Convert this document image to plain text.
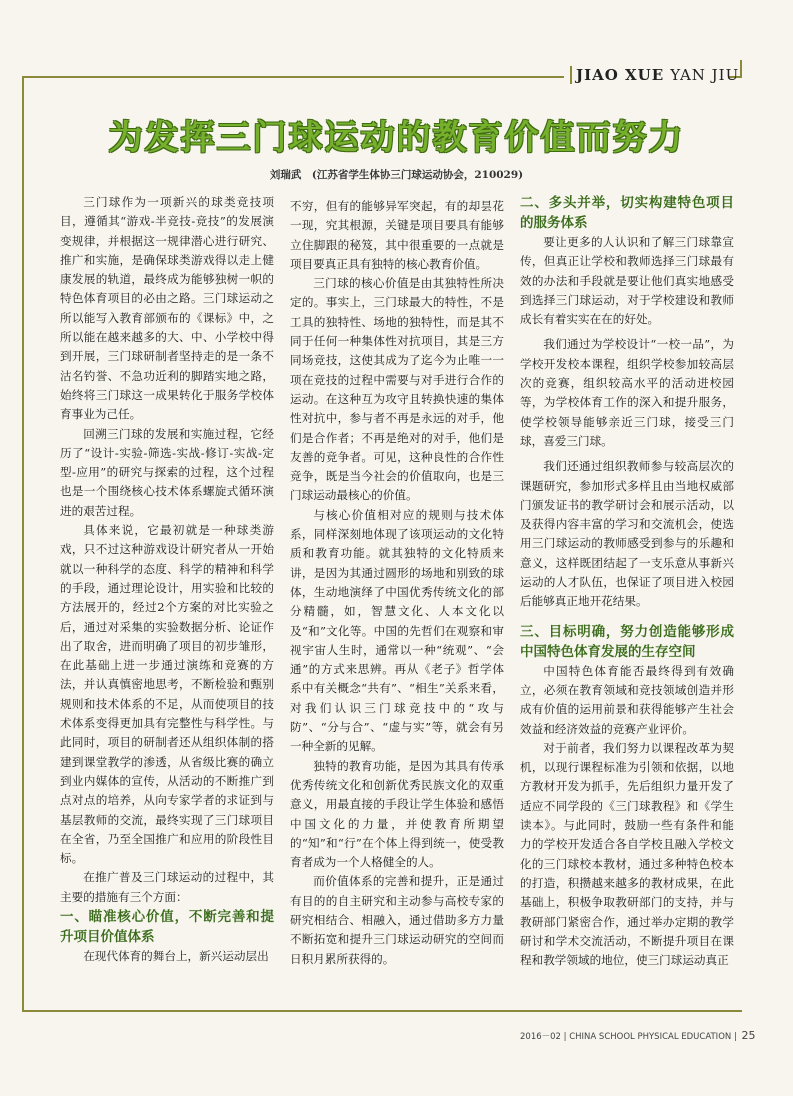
JIAO XUE YAN JIU
为发挥三门球运动的教育价值而努力
刘瑞武　(江苏省学生体协三门球运动协会，210029)

三门球作为一项新兴的球类竞技项目，遵循其“游戏-半竞技-竞技”的发展演变规律，并根据这一规律潜心进行研究、推广和实施，是确保球类游戏得以走上健康发展的轨道，最终成为能够独树一帜的特色体育项目的必由之路。三门球运动之所以能写入教育部颁布的《课标》中，之所以能在越来越多的大、中、小学校中得到开展，三门球研制者坚持走的是一条不沽名钓誉、不急功近利的脚踏实地之路，始终将三门球这一成果转化于服务学校体育事业为己任。

回溯三门球的发展和实施过程，它经历了“设计-实验-筛选-实战-修订-实战-定型-应用”的研究与探索的过程，这个过程也是一个围绕核心技术体系螺旋式循环演进的艰苦过程。

具体来说，它最初就是一种球类游戏，只不过这种游戏设计研究者从一开始就以一种科学的态度、科学的精神和科学的手段，通过理论设计，用实验和比较的方法展开的，经过2个方案的对比实验之后，通过对采集的实验数据分析、论证作出了取舍，进而明确了项目的初步雏形，在此基础上进一步通过演练和竞赛的方法，并认真慎密地思考，不断检验和甄别规则和技术体系的不足，从而使项目的技术体系变得更加具有完整性与科学性。与此同时，项目的研制者还从组织体制的搭建到课堂教学的渗透，从省级比赛的确立到业内媒体的宣传，从活动的不断推广到点对点的培养，从向专家学者的求证到与基层教师的交流，最终实现了三门球项目在全省，乃至全国推广和应用的阶段性目标。

在推广普及三门球运动的过程中，其主要的措施有三个方面：

一、瞄准核心价值，不断完善和提升项目价值体系

在现代体育的舞台上，新兴运动层出

不穷，但有的能够异军突起，有的却昙花一现，究其根源，关键是项目要具有能够立住脚跟的秘笈，其中很重要的一点就是项目要真正具有独特的核心教育价值。

三门球的核心价值是由其独特性所决定的。事实上，三门球最大的特性，不是工具的独特性、场地的独特性，而是其不同于任何一种集体性对抗项目，其是三方同场竞技，这使其成为了迄今为止唯一一项在竞技的过程中需要与对手进行合作的运动。在这种互为攻守且转换快速的集体性对抗中，参与者不再是永远的对手，他们是合作者；不再是绝对的对手，他们是友善的竞争者。可见，这种良性的合作性竞争，既是当今社会的价值取向，也是三门球运动最核心的价值。

与核心价值相对应的规则与技术体系，同样深刻地体现了该项运动的文化特质和教育功能。就其独特的文化特质来讲，是因为其通过圆形的场地和别致的球体，生动地演绎了中国优秀传统文化的部分精髓，如，智慧文化、人本文化以及“和”文化等。中国的先哲们在观察和审视宇宙人生时，通常以一种“统观”、“会通”的方式来思辨。再从《老子》哲学体系中有关概念“共有”、“相生”关系来看，对我们认识三门球竞技中的“攻与防”、“分与合”、“虚与实”等，就会有另一种全新的见解。

独特的教育功能，是因为其具有传承优秀传统文化和创新优秀民族文化的双重意义，用最直接的手段让学生体验和感悟中国文化的力量，并使教育所期望的“知”和“行”在个体上得到统一，使受教育者成为一个人格健全的人。

而价值体系的完善和提升，正是通过有目的的自主研究和主动参与高校专家的研究相结合、相融入，通过借助多方力量不断拓宽和提升三门球运动研究的空间而日积月累所获得的。

二、多头并举，切实构建特色项目的服务体系

要让更多的人认识和了解三门球靠宣传，但真正让学校和教师选择三门球最有效的办法和手段就是要让他们真实地感受到选择三门球运动，对于学校建设和教师成长有着实实在在的好处。

我们通过为学校设计“一校一品”，为学校开发校本课程，组织学校参加较高层次的竞赛，组织较高水平的活动进校园等，为学校体育工作的深入和提升服务，使学校领导能够亲近三门球，接受三门球，喜爱三门球。

我们还通过组织教师参与较高层次的课题研究，参加形式多样且由当地权威部门颁发证书的教学研讨会和展示活动，以及获得内容丰富的学习和交流机会，使选用三门球运动的教师感受到参与的乐趣和意义，这样既团结起了一支乐意从事新兴运动的人才队伍，也保证了项目进入校园后能够真正地开花结果。

三、目标明确，努力创造能够形成中国特色体育发展的生存空间

中国特色体育能否最终得到有效确立，必须在教育领域和竞技领域创造并形成有价值的运用前景和获得能够产生社会效益和经济效益的竞赛产业评价。

对于前者，我们努力以课程改革为契机，以现行课程标准为引领和依据，以地方教材开发为抓手，先后组织力量开发了适应不同学段的《三门球教程》和《学生读本》。与此同时，鼓励一些有条件和能力的学校开发适合各自学校且融入学校文化的三门球校本教材，通过多种特色校本的打造，积攒越来越多的教材成果，在此基础上，积极争取教研部门的支持，并与教研部门紧密合作，通过举办定期的教学研讨和学术交流活动，不断提升项目在课程和教学领域的地位，使三门球运动真正

2016－02 | CHINA SCHOOL PHYSICAL EDUCATION | 25
